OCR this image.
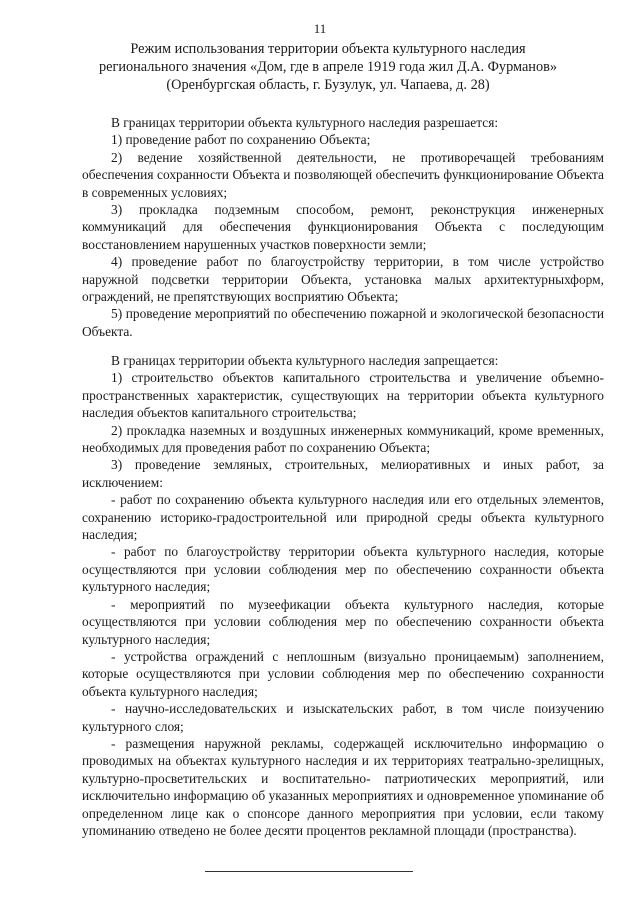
11
Режим использования территории объекта культурного наследия
регионального значения «Дом, где в апреле 1919 года жил Д.А. Фурманов»
(Оренбургская область, г. Бузулук, ул. Чапаева, д. 28)

В границах территории объекта культурного наследия разрешается:

1) проведение работ по сохранению Объекта;

2) ведение хозяйственной деятельности, не противоречащей требованиям обеспечения сохранности Объекта и позволяющей обеспечить функционирование Объекта в современных условиях;

3) прокладка подземным способом, ремонт, реконструкция инженерных коммуникаций для обеспечения функционирования Объекта с последующим восстановлением нарушенных участков поверхности земли;

4) проведение работ по благоустройству территории, в том числе устройство наружной подсветки территории Объекта, установка малых архитектурныхформ, ограждений, не препятствующих восприятию Объекта;

5) проведение мероприятий по обеспечению пожарной и экологической безопасности Объекта.

В границах территории объекта культурного наследия запрещается:

1) строительство объектов капитального строительства и увеличение объемно- пространственных характеристик, существующих на территории объекта культурного наследия объектов капитального строительства;

2) прокладка наземных и воздушных инженерных коммуникаций, кроме временных, необходимых для проведения работ по сохранению Объекта;

3) проведение земляных, строительных, мелиоративных и иных работ, за исключением:

- работ по сохранению объекта культурного наследия или его отдельных элементов, сохранению историко-градостроительной или природной среды объекта культурного наследия;

- работ по благоустройству территории объекта культурного наследия, которые осуществляются при условии соблюдения мер по обеспечению сохранности объекта культурного наследия;

- мероприятий по музеефикации объекта культурного наследия, которые осуществляются при условии соблюдения мер по обеспечению сохранности объекта культурного наследия;

- устройства ограждений с неплошным (визуально проницаемым) заполнением, которые осуществляются при условии соблюдения мер по обеспечению сохранности объекта культурного наследия;

- научно-исследовательских и изыскательских работ, в том числе поизучению культурного слоя;

- размещения наружной рекламы, содержащей исключительно информацию о проводимых на объектах культурного наследия и их территориях театрально-зрелищных, культурно-просветительских и воспитательно- патриотических мероприятий, или исключительно информацию об указанных мероприятиях и одновременное упоминание об определенном лице как о спонсоре данного мероприятия при условии, если такому упоминанию отведено не более десяти процентов рекламной площади (пространства).
